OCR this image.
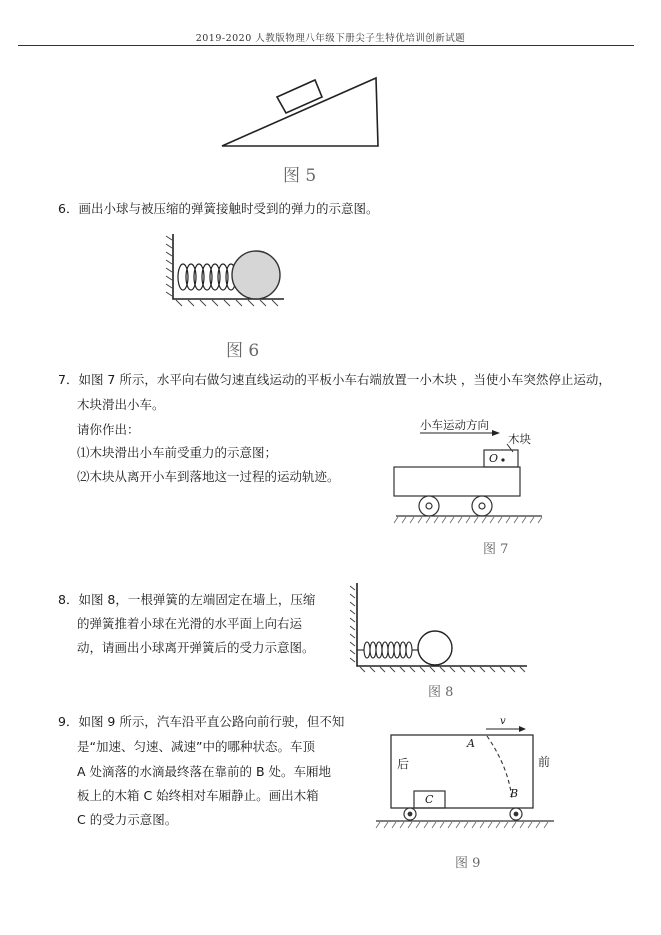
2019-2020 人教版物理八年级下册尖子生特优培训创新试题
图 5
6．画出小球与被压缩的弹簧接触时受到的弹力的示意图。
图 6
7．如图 7 所示，水平向右做匀速直线运动的平板小车右端放置一小木块 ，当使小车突然停止运动，
木块滑出小车。
请你作出：
⑴木块滑出小车前受重力的示意图；
⑵木块从离开小车到落地这一过程的运动轨迹。
小车运动方向
木块
O
图 7
8．如图 8，一根弹簧的左端固定在墙上，压缩
的弹簧推着小球在光滑的水平面上向右运
动，请画出小球离开弹簧后的受力示意图。
图 8
9．如图 9 所示，汽车沿平直公路向前行驶，但不知
是“加速、匀速、减速”中的哪种状态。车顶
A 处滴落的水滴最终落在靠前的 B 处。车厢地
板上的木箱 C 始终相对车厢静止。画出木箱
C 的受力示意图。
v
A
B
C
后	前
图 9
